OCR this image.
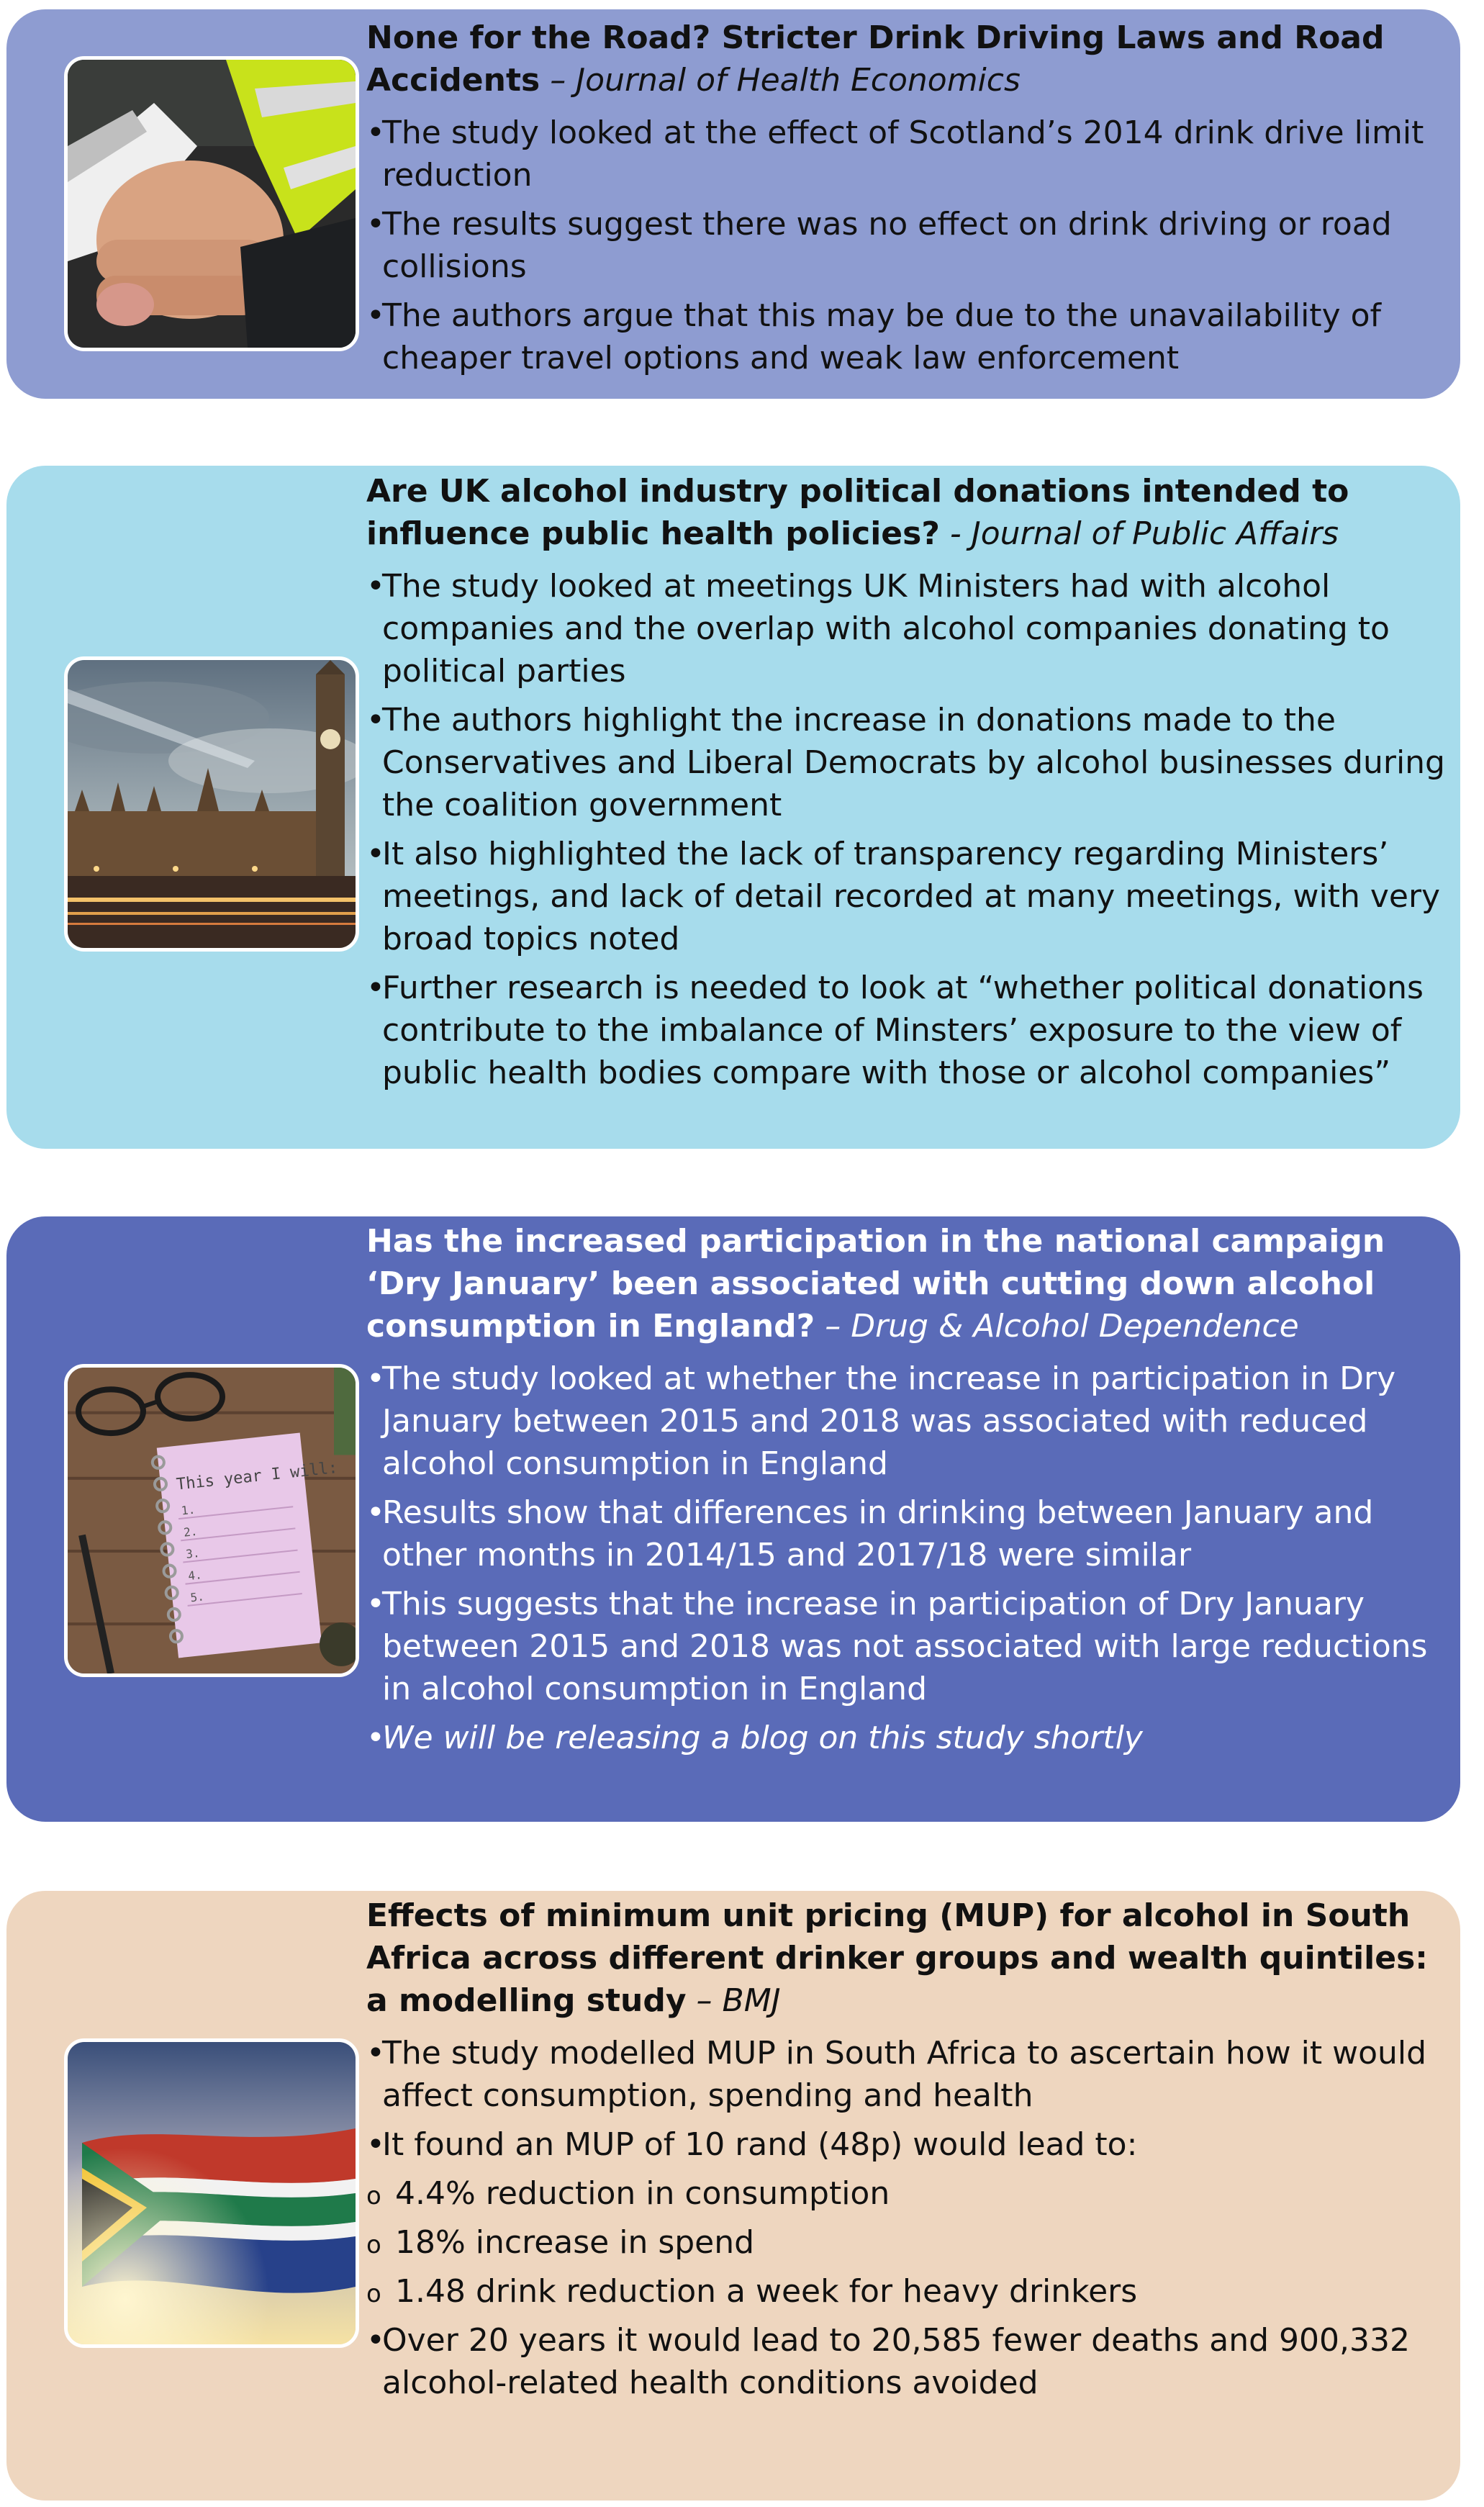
None for the Road? Stricter Drink Driving Laws and Road Accidents – Journal of Health Economics
• The study looked at the effect of Scotland’s 2014 drink drive limit reduction
• The results suggest there was no effect on drink driving or road collisions
• The authors argue that this may be due to the unavailability of cheaper travel options and weak law enforcement
Are UK alcohol industry political donations intended to influence public health policies? - Journal of Public Affairs
• The study looked at meetings UK Ministers had with alcohol companies and the overlap with alcohol companies donating to political parties
• The authors highlight the increase in donations made to the Conservatives and Liberal Democrats by alcohol businesses during the coalition government
• It also highlighted the lack of transparency regarding Ministers’ meetings, and lack of detail recorded at many meetings, with very broad topics noted
• Further research is needed to look at “whether political donations contribute to the imbalance of Minsters’ exposure to the view of public health bodies compare with those or alcohol companies”
This year I will:
1.
2.
3.
4.
5.
Has the increased participation in the national campaign ‘Dry January’ been associated with cutting down alcohol consumption in England? – Drug & Alcohol Dependence
• The study looked at whether the increase in participation in Dry January between 2015 and 2018 was associated with reduced alcohol consumption in England
• Results show that differences in drinking between January and other months in 2014/15 and 2017/18 were similar
• This suggests that the increase in participation of Dry January between 2015 and 2018 was not associated with large reductions in alcohol consumption in England
• We will be releasing a blog on this study shortly
Effects of minimum unit pricing (MUP) for alcohol in South Africa across different drinker groups and wealth quintiles: a modelling study – BMJ
• The study modelled MUP in South Africa to ascertain how it would affect consumption, spending and health
• It found an MUP of 10 rand (48p) would lead to:
o 4.4% reduction in consumption
o 18% increase in spend
o 1.48 drink reduction a week for heavy drinkers
• Over 20 years it would lead to 20,585 fewer deaths and 900,332 alcohol-related health conditions avoided
